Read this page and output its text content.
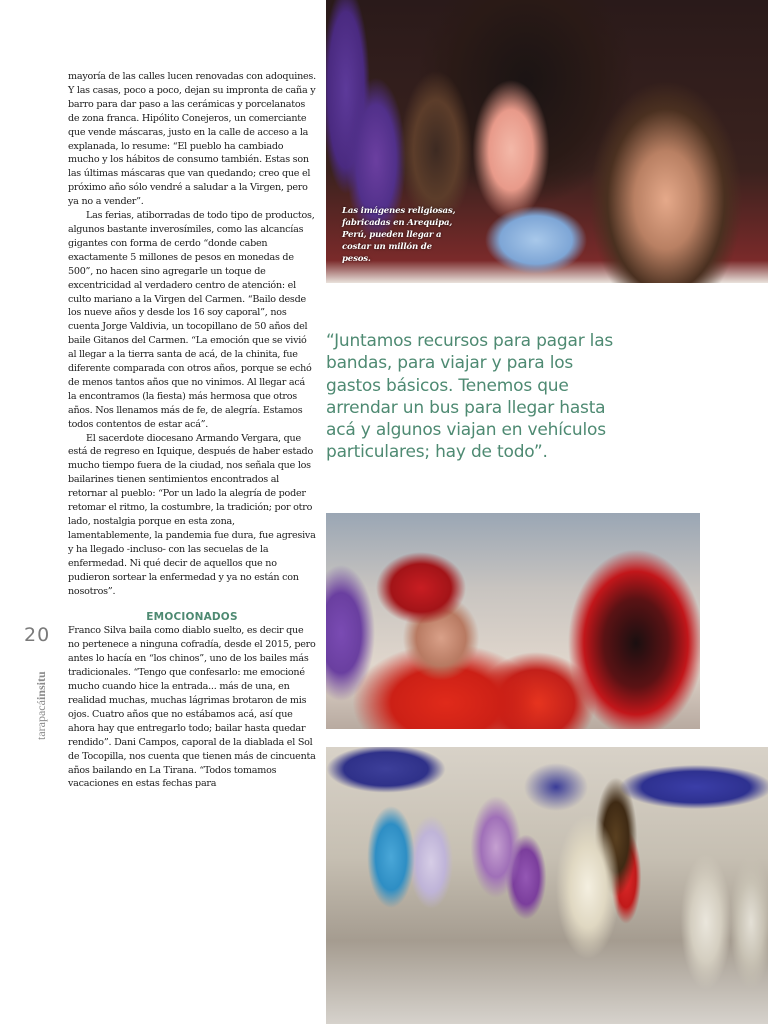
Las imágenes religiosas, fabricadas en Arequipa, Perú, pueden llegar a costar un millón de pesos.

“Juntamos recursos para pagar las bandas, para viajar y para los gastos básicos. Tenemos que arrendar un bus para llegar hasta acá y algunos viajan en vehículos particulares; hay de todo”.

20
tarapacáinsitu

mayoría de las calles lucen renovadas con adoquines. Y las casas, poco a poco, dejan su impronta de caña y barro para dar paso a las cerámicas y porcelanatos de zona franca. Hipólito Conejeros, un comerciante que vende máscaras, justo en la calle de acceso a la explanada, lo resume: “El pueblo ha cambiado mucho y los hábitos de consumo también. Estas son las últimas máscaras que van quedando; creo que el próximo año sólo vendré a saludar a la Virgen, pero ya no a vender”.

Las ferias, atiborradas de todo tipo de productos, algunos bastante inverosímiles, como las alcancías gigantes con forma de cerdo “donde caben exactamente 5 millones de pesos en monedas de 500”, no hacen sino agregarle un toque de excentricidad al verdadero centro de atención: el culto mariano a la Virgen del Carmen. “Bailo desde los nueve años y desde los 16 soy caporal”, nos cuenta Jorge Valdivia, un tocopillano de 50 años del baile Gitanos del Carmen. “La emoción que se vivió al llegar a la tierra santa de acá, de la chinita, fue diferente comparada con otros años, porque se echó de menos tantos años que no vinimos. Al llegar acá la encontramos (la fiesta) más hermosa que otros años. Nos llenamos más de fe, de alegría. Estamos todos contentos de estar acá”.

El sacerdote diocesano Armando Vergara, que está de regreso en Iquique, después de haber estado mucho tiempo fuera de la ciudad, nos señala que los bailarines tienen sentimientos encontrados al retornar al pueblo: “Por un lado la alegría de poder retomar el ritmo, la costumbre, la tradición; por otro lado, nostalgia porque en esta zona, lamentablemente, la pandemia fue dura, fue agresiva y ha llegado -incluso- con las secuelas de la enfermedad. Ni qué decir de aquellos que no pudieron sortear la enfermedad y ya no están con nosotros”.

EMOCIONADOS

Franco Silva baila como diablo suelto, es decir que no pertenece a ninguna cofradía, desde el 2015, pero antes lo hacía en “los chinos”, uno de los bailes más tradicionales. “Tengo que confesarlo: me emocioné mucho cuando hice la entrada... más de una, en realidad muchas, muchas lágrimas brotaron de mis ojos. Cuatro años que no estábamos acá, así que ahora hay que entregarlo todo; bailar hasta quedar rendido”. Dani Campos, caporal de la diablada el Sol de Tocopilla, nos cuenta que tienen más de cincuenta años bailando en La Tirana. “Todos tomamos vacaciones en estas fechas para
